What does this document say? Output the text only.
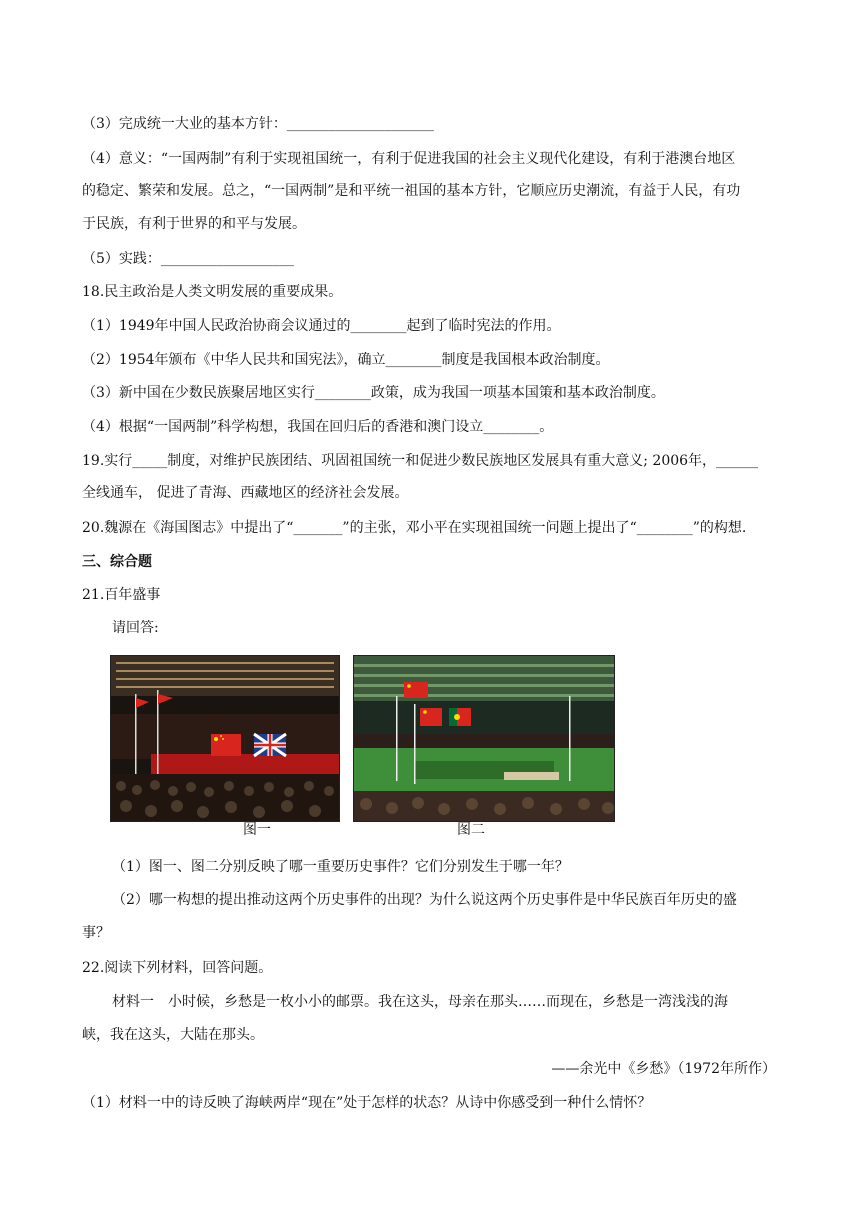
（3）完成统一大业的基本方针：_____________________
（4）意义：“一国两制”有利于实现祖国统一，有利于促进我国的社会主义现代化建设，有利于港澳台地区
的稳定、繁荣和发展。总之，“一国两制”是和平统一祖国的基本方针，它顺应历史潮流，有益于人民，有功
于民族，有利于世界的和平与发展。
（5）实践：___________________
18.民主政治是人类文明发展的重要成果。
（1）1949年中国人民政治协商会议通过的________起到了临时宪法的作用。
（2）1954年颁布《中华人民共和国宪法》，确立________制度是我国根本政治制度。
（3）新中国在少数民族聚居地区实行________政策，成为我国一项基本国策和基本政治制度。
（4）根据“一国两制”科学构想，我国在回归后的香港和澳门设立________。
19.实行_____制度，对维护民族团结、巩固祖国统一和促进少数民族地区发展具有重大意义; 2006年，______
全线通车， 促进了青海、西藏地区的经济社会发展。
20.魏源在《海国图志》中提出了“_______”的主张，邓小平在实现祖国统一问题上提出了“________”的构想.
三、综合题
21.百年盛事
请回答:
图一	图二
（1）图一、图二分别反映了哪一重要历史事件？它们分别发生于哪一年？
（2）哪一构想的提出推动这两个历史事件的出现？为什么说这两个历史事件是中华民族百年历史的盛
事？
22.阅读下列材料，回答问题。
材料一　小时候，乡愁是一枚小小的邮票。我在这头，母亲在那头……而现在，乡愁是一湾浅浅的海
峡，我在这头，大陆在那头。
——余光中《乡愁》（1972年所作）
（1）材料一中的诗反映了海峡两岸“现在”处于怎样的状态？从诗中你感受到一种什么情怀？
